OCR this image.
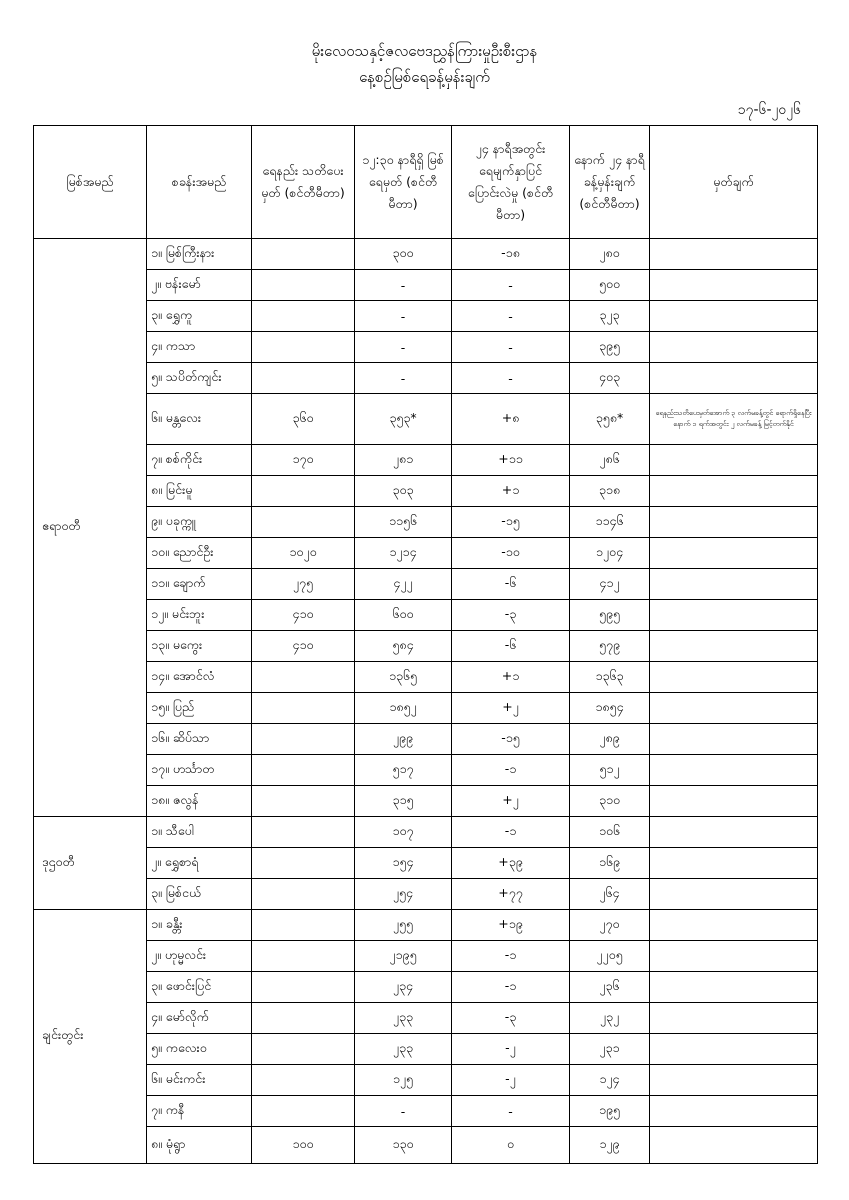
မိုးလေဝသနှင့်ဇလဗေဒညွှန်ကြားမှုဦးစီးဌာန
နေ့စဉ်မြစ်ရေခန့်မှန်းချက်
၁၇-၆-၂၀၂၆
မြစ်အမည်	စခန်းအမည်	ရေနည်း သတိပေးမှတ် (စင်တီမီတာ)	၁၂:၃၀ နာရီရှိ မြစ်ရေမှတ် (စင်တီမီတာ)	၂၄ နာရီအတွင်း ရေမျက်နှာပြင် ပြောင်းလဲမှု (စင်တီမီတာ)	နောက် ၂၄ နာရီ ခန့်မှန်းချက် (စင်တီမီတာ)	မှတ်ချက်
ဧရာဝတီ	၁။ မြစ်ကြီးနား		၃၀၀	-၁၈	၂၈၀	
	၂။ ဗန်းမော်		-	-	၅၀၀	
	၃။ ရွှေကူ		-	-	၃၂၃	
	၄။ ကသာ		-	-	၃၉၅	
	၅။ သပိတ်ကျင်း		-	-	၄၀၃	
	၆။ မန္တလေး	၃၆၀	၃၅၃*	+၈	၃၅၈*	ရေနည်းသတိပေးမှတ်အောက် ၃ လက်မခန့်တွင် ရောက်ရှိနေပြီး နောက် ၁ ရက်အတွင်း ၂ လက်မခန့် မြင့်တက်နိုင်
	၇။ စစ်ကိုင်း	၁၇၀	၂၈၁	+၁၁	၂၈၆	
	၈။ မြင်းမူ		၃၀၃	+၁	၃၁၈	
	၉။ ပခုက္ကူ		၁၁၅၆	-၁၅	၁၁၄၆	
	၁၀။ ညောင်ဦး	၁၀၂၀	၁၂၁၄	-၁၀	၁၂၀၄	
	၁၁။ ချောက်	၂၇၅	၄၂၂	-၆	၄၁၂	
	၁၂။ မင်းဘူး	၄၁၀	၆၀၀	-၃	၅၉၅	
	၁၃။ မကွေး	၄၁၀	၅၈၄	-၆	၅၇၉	
	၁၄။ အောင်လံ		၁၃၆၅	+၁	၁၃၆၃	
	၁၅။ ပြည်		၁၈၅၂	+၂	၁၈၅၄	
	၁၆။ ဆိပ်သာ		၂၉၉	-၁၅	၂၈၉	
	၁၇။ ဟင်္သာတ		၅၁၇	-၁	၅၁၂	
	၁၈။ ဇလွန်		၃၁၅	+၂	၃၁၀	
ဒုဌဝတီ	၁။ သီပေါ		၁၀၇	-၁	၁၀၆	
	၂။ ရွှေစာရံ		၁၅၄	+၃၉	၁၆၉	
	၃။ မြစ်ငယ်		၂၅၄	+၇၇	၂၆၄	
ချင်းတွင်း	၁။ ခန္တီး		၂၅၅	+၁၉	၂၇၀	
	၂။ ဟုမ္မလင်း		၂၁၉၅	-၁	၂၂၀၅	
	၃။ ဖောင်းပြင်		၂၃၄	-၁	၂၃၆	
	၄။ မော်လိုက်		၂၃၃	-၃	၂၃၂	
	၅။ ကလေးဝ		၂၃၃	-၂	၂၃၁	
	၆။ မင်းကင်း		၁၂၅	-၂	၁၂၄	
	၇။ ကနီ		-	-	၁၉၅	
	၈။ မုံရွာ	၁၀၀	၁၃၀	၀	၁၂၉	
